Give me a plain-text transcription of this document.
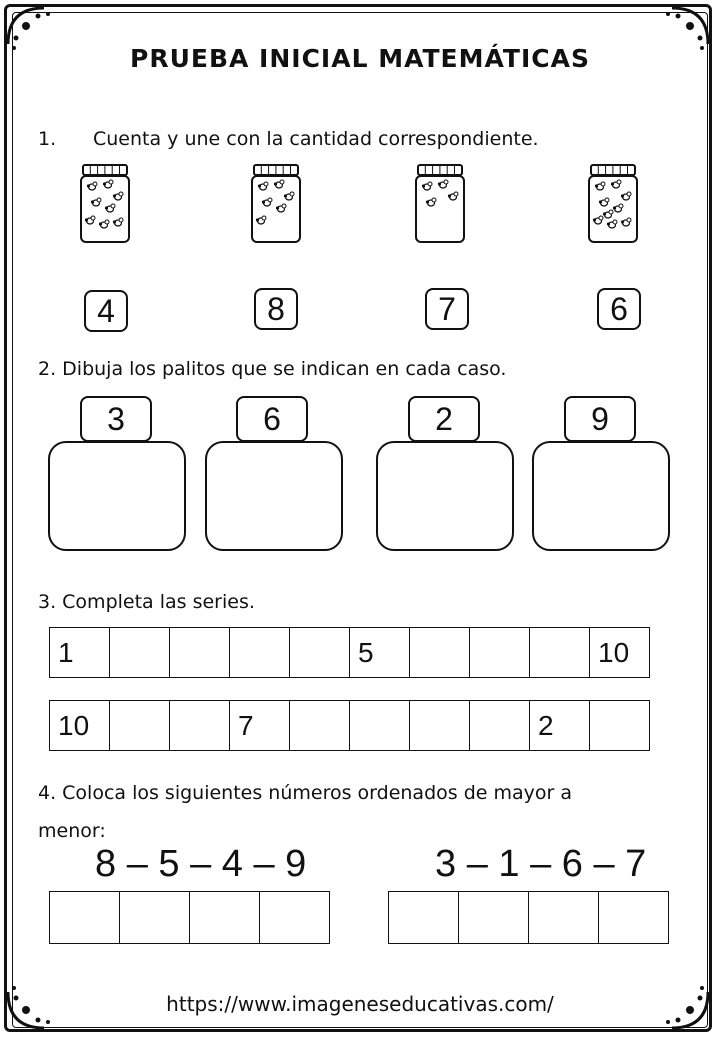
PRUEBA INICIAL MATEMÁTICAS
1. Cuenta y une con la cantidad correspondiente.
4	8	7	6
2. Dibuja los palitos que se indican en cada caso.
3	6	2	9
3. Completa las series.
1					5				10
10			7					2	
4. Coloca los siguientes números ordenados de mayor a
menor:
8 – 5 – 4 – 9	3 – 1 – 6 – 7

https://www.imageneseducativas.com/
